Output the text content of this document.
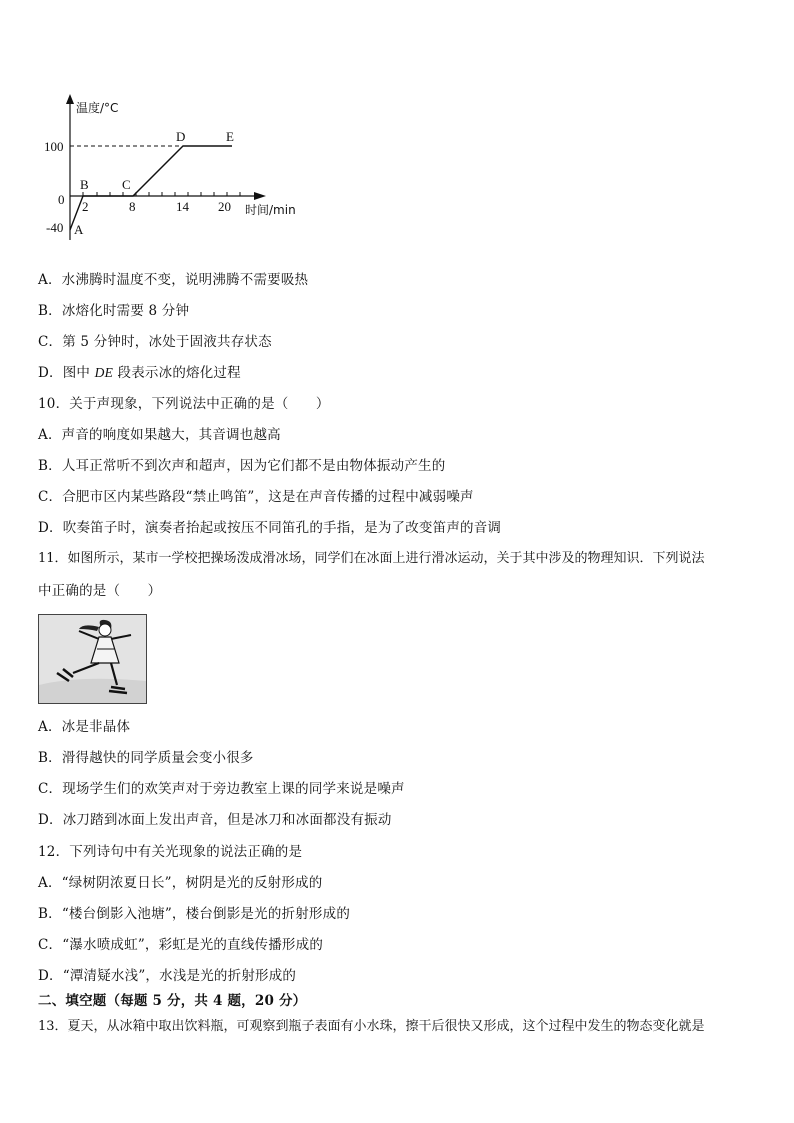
温度/°C
时间/min
100
0
-40
2	8	14 20
A
B	C
D	E
A．水沸腾时温度不变，说明沸腾不需要吸热
B．冰熔化时需要 8 分钟
C．第 5 分钟时，冰处于固液共存状态
D．图中 DE 段表示冰的熔化过程
10．关于声现象，下列说法中正确的是（　　）
A．声音的响度如果越大，其音调也越高
B．人耳正常听不到次声和超声，因为它们都不是由物体振动产生的
C．合肥市区内某些路段“禁止鸣笛”，这是在声音传播的过程中减弱噪声
D．吹奏笛子时，演奏者抬起或按压不同笛孔的手指，是为了改变笛声的音调
11．如图所示，某市一学校把操场泼成滑冰场，同学们在冰面上进行滑冰运动，关于其中涉及的物理知识．下列说法
中正确的是（　　）
A．冰是非晶体
B．滑得越快的同学质量会变小很多
C．现场学生们的欢笑声对于旁边教室上课的同学来说是噪声
D．冰刀踏到冰面上发出声音，但是冰刀和冰面都没有振动
12．下列诗句中有关光现象的说法正确的是
A．“绿树阴浓夏日长”，树阴是光的反射形成的
B．“楼台倒影入池塘”，楼台倒影是光的折射形成的
C．“瀑水喷成虹”，彩虹是光的直线传播形成的
D．“潭清疑水浅”，水浅是光的折射形成的
二、填空题（每题 5 分，共 4 题，20 分）
13．夏天，从冰箱中取出饮料瓶，可观察到瓶子表面有小水珠，擦干后很快又形成，这个过程中发生的物态变化就是
